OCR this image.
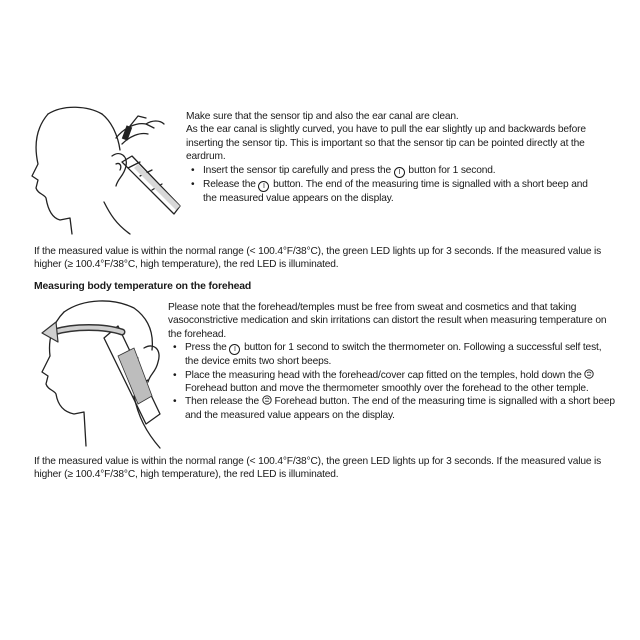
Make sure that the sensor tip and also the ear canal are clean.

As the ear canal is slightly curved, you have to pull the ear slightly up and backwards before inserting the sensor tip. This is important so that the sensor tip can be pointed directly at the eardrum.

• Insert the sensor tip carefully and press the I button for 1 second.
• Release the I button. The end of the measuring time is signalled with a short beep and the measured value appears on the display.

If the measured value is within the normal range (< 100.4°F/38°C), the green LED lights up for 3 seconds. If the measured value is higher (≥ 100.4°F/38°C, high temperature), the red LED is illuminated.

Measuring body temperature on the forehead

Please note that the forehead/temples must be free from sweat and cosmetics and that taking vasoconstrictive medication and skin irritations can distort the result when measuring temperature on the forehead.

• Press the I button for 1 second to switch the thermometer on. Following a successful self test, the device emits two short beeps.
• Place the measuring head with the forehead/cover cap fitted on the temples, hold down the  Forehead button and move the thermometer smoothly over the forehead to the other temple.
• Then release the Forehead button. The end of the measuring time is signalled with a short beep and the measured value appears on the display.

If the measured value is within the normal range (< 100.4°F/38°C), the green LED lights up for 3 seconds. If the measured value is higher (≥ 100.4°F/38°C, high temperature), the red LED is illuminated.
